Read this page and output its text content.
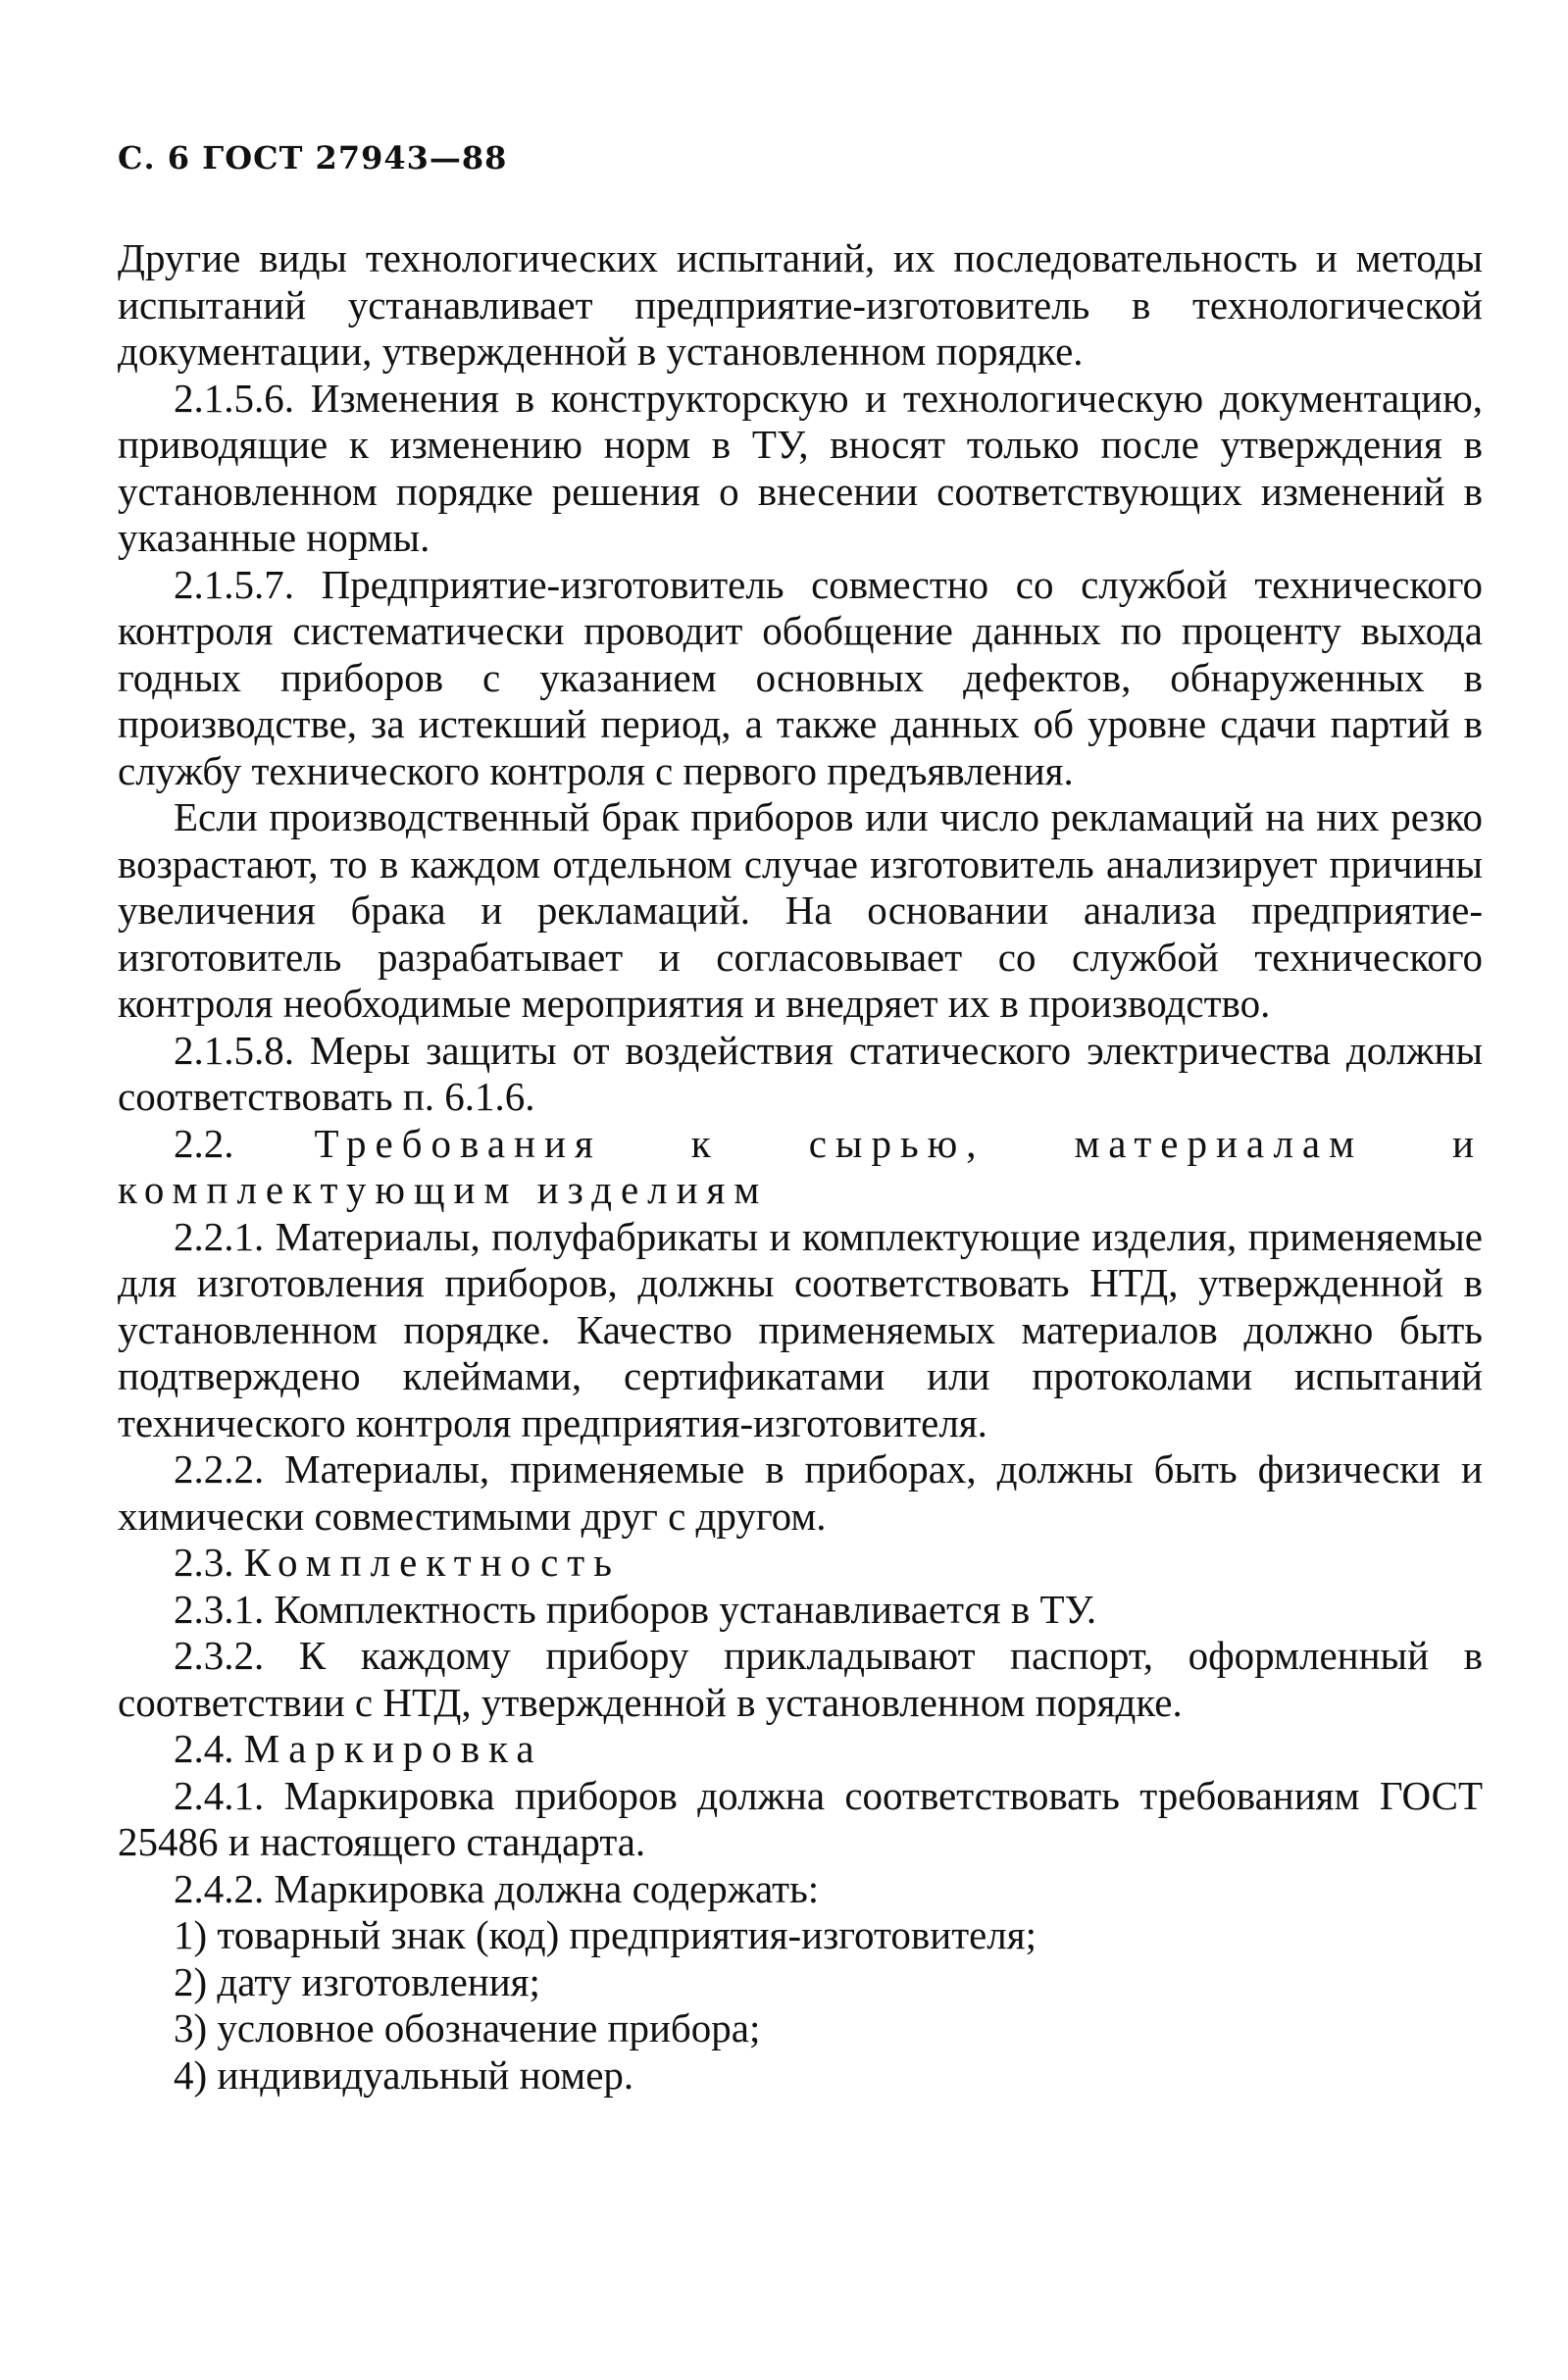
С. 6 ГОСТ 27943—88

Другие виды технологических испытаний, их последовательность и методы испытаний устанавливает предприятие-изготовитель в технологической документации, утвержденной в установленном порядке.

2.1.5.6. Изменения в конструкторскую и технологическую документацию, приводящие к изменению норм в ТУ, вносят только после утверждения в установленном порядке решения о внесении соответствующих изменений в указанные нормы.

2.1.5.7. Предприятие-изготовитель совместно со службой технического контроля систематически проводит обобщение данных по проценту выхода годных приборов с указанием основных дефектов, обнаруженных в производстве, за истекший период, а также данных об уровне сдачи партий в службу технического контроля с первого предъявления.

Если производственный брак приборов или число рекламаций на них резко возрастают, то в каждом отдельном случае изготовитель анализирует причины увеличения брака и рекламаций. На основании анализа предприятие-изготовитель разрабатывает и согласовывает со службой технического контроля необходимые мероприятия и внедряет их в производство.

2.1.5.8. Меры защиты от воздействия статического электричества должны соответствовать п. 6.1.6.

2.2. Требования к сырью, материалам и комплектующим изделиям

2.2.1. Материалы, полуфабрикаты и комплектующие изделия, применяемые для изготовления приборов, должны соответствовать НТД, утвержденной в установленном порядке. Качество применяемых материалов должно быть подтверждено клеймами, сертификатами или протоколами испытаний технического контроля предприятия-изготовителя.

2.2.2. Материалы, применяемые в приборах, должны быть физически и химически совместимыми друг с другом.

2.3. Комплектность

2.3.1. Комплектность приборов устанавливается в ТУ.

2.3.2. К каждому прибору прикладывают паспорт, оформленный в соответствии с НТД, утвержденной в установленном порядке.

2.4. Маркировка

2.4.1. Маркировка приборов должна соответствовать требованиям ГОСТ 25486 и настоящего стандарта.

2.4.2. Маркировка должна содержать:

1) товарный знак (код) предприятия-изготовителя;
2) дату изготовления;
3) условное обозначение прибора;
4) индивидуальный номер.
